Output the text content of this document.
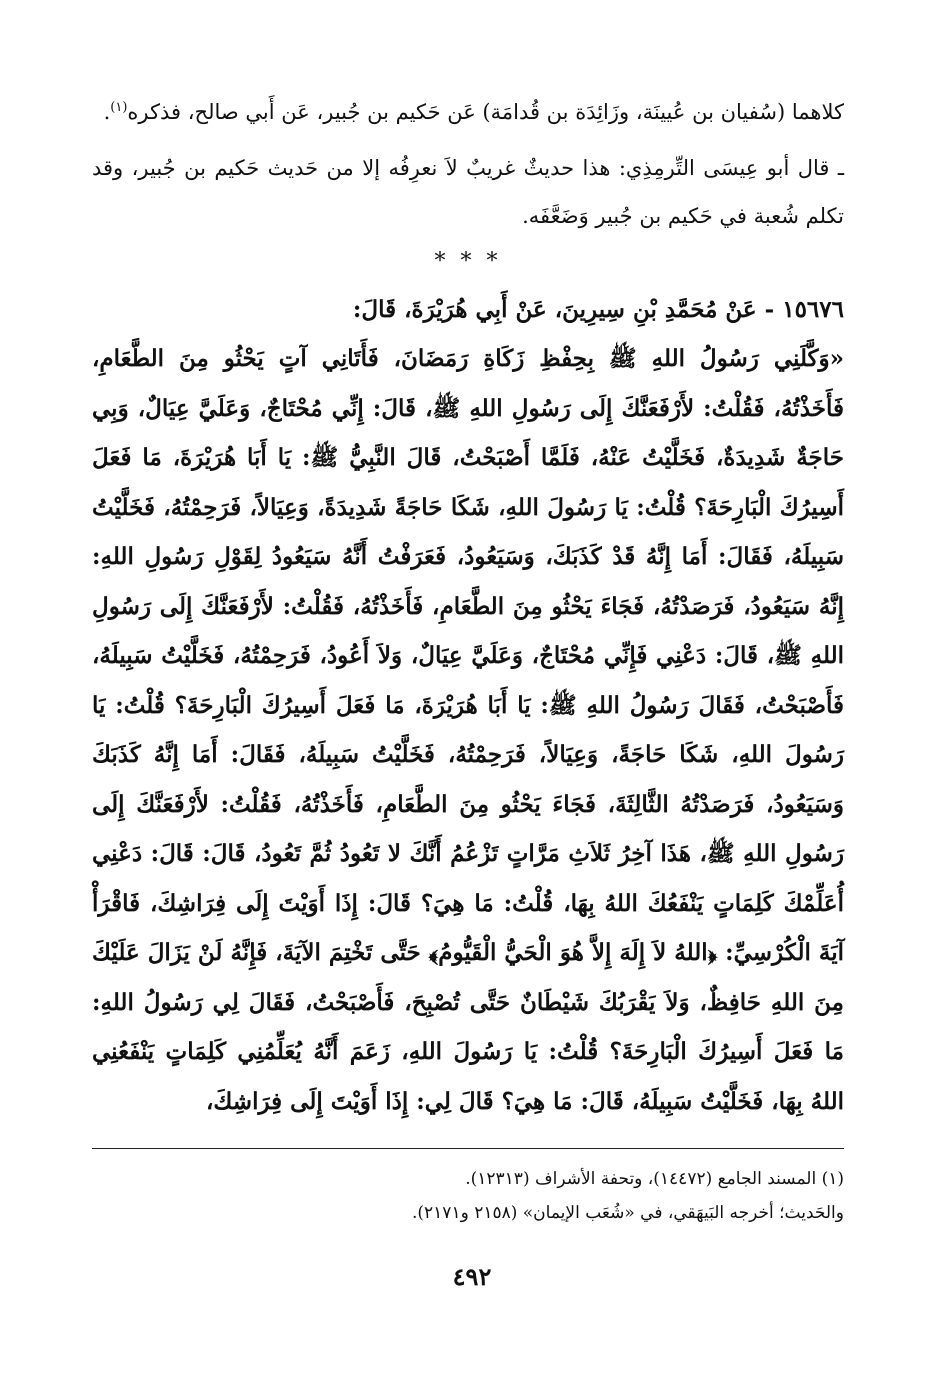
كلاهما (سُفيان بن عُيينَة، وزَائِدَة بن قُدامَة) عَن حَكيم بن جُبير، عَن أَبي صالح، فذكره$^{(١)}$.

ـ قال أبو عِيسَى التِّرمِذِي: هذا حديثٌ غريبٌ لاَ نعرِفُه إلا من حَديث حَكيم بن جُبير، وقد تكلم شُعبة في حَكيم بن جُبير وَضَعَّفَه.

* * *

١٥٦٧٦ - عَنْ مُحَمَّدِ بْنِ سِيرِينَ، عَنْ أَبِي هُرَيْرَةَ، قَالَ:

«وَكَّلَنِي رَسُولُ اللهِ ﷺ بِحِفْظِ زَكَاةِ رَمَضَانَ، فَأَتَانِي آتٍ يَحْثُو مِنَ الطَّعَامِ، فَأَخَذْتُهُ، فَقُلْتُ: لأَرْفَعَنَّكَ إِلَى رَسُولِ اللهِ ﷺ، قَالَ: إِنِّي مُحْتَاجٌ، وَعَلَيَّ عِيَالٌ، وَبِي حَاجَةٌ شَدِيدَةٌ، فَخَلَّيْتُ عَنْهُ، فَلَمَّا أَصْبَحْتُ، قَالَ النَّبِيُّ ﷺ: يَا أَبَا هُرَيْرَةَ، مَا فَعَلَ أَسِيرُكَ الْبَارِحَةَ؟ قُلْتُ: يَا رَسُولَ اللهِ، شَكَا حَاجَةً شَدِيدَةً، وَعِيَالاً، فَرَحِمْتُهُ، فَخَلَّيْتُ سَبِيلَهُ، فَقَالَ: أَمَا إِنَّهُ قَدْ كَذَبَكَ، وَسَيَعُودُ، فَعَرَفْتُ أَنَّهُ سَيَعُودُ لِقَوْلِ رَسُولِ اللهِ: إِنَّهُ سَيَعُودُ، فَرَصَدْتُهُ، فَجَاءَ يَحْثُو مِنَ الطَّعَامِ، فَأَخَذْتُهُ، فَقُلْتُ: لأَرْفَعَنَّكَ إِلَى رَسُولِ اللهِ ﷺ، قَالَ: دَعْنِي فَإِنِّي مُحْتَاجٌ، وَعَلَيَّ عِيَالٌ، وَلاَ أَعُودُ، فَرَحِمْتُهُ، فَخَلَّيْتُ سَبِيلَهُ، فَأَصْبَحْتُ، فَقَالَ رَسُولُ اللهِ ﷺ: يَا أَبَا هُرَيْرَةَ، مَا فَعَلَ أَسِيرُكَ الْبَارِحَةَ؟ قُلْتُ: يَا رَسُولَ اللهِ، شَكَا حَاجَةً، وَعِيَالاً، فَرَحِمْتُهُ، فَخَلَّيْتُ سَبِيلَهُ، فَقَالَ: أَمَا إِنَّهُ كَذَبَكَ وَسَيَعُودُ، فَرَصَدْتُهُ الثَّالِثَةَ، فَجَاءَ يَحْثُو مِنَ الطَّعَامِ، فَأَخَذْتُهُ، فَقُلْتُ: لأَرْفَعَنَّكَ إِلَى رَسُولِ اللهِ ﷺ، هَذَا آخِرُ ثَلاَثِ مَرَّاتٍ تَزْعُمُ أَنَّكَ لا تَعُودُ ثُمَّ تَعُودُ، قَالَ: قَالَ: دَعْنِي أُعَلِّمْكَ كَلِمَاتٍ يَنْفَعُكَ اللهُ بِهَا، قُلْتُ: مَا هِيَ؟ قَالَ: إِذَا أَوَيْتَ إِلَى فِرَاشِكَ، فَاقْرَأْ آيَةَ الْكُرْسِيِّ: ﴿اللهُ لاَ إِلَهَ إِلاَّ هُوَ الْحَيُّ الْقَيُّومُ﴾ حَتَّى تَخْتِمَ الآيَةَ، فَإِنَّهُ لَنْ يَزَالَ عَلَيْكَ مِنَ اللهِ حَافِظٌ، وَلاَ يَقْرَبُكَ شَيْطَانٌ حَتَّى تُصْبِحَ، فَأَصْبَحْتُ، فَقَالَ لِي رَسُولُ اللهِ: مَا فَعَلَ أَسِيرُكَ الْبَارِحَةَ؟ قُلْتُ: يَا رَسُولَ اللهِ، زَعَمَ أَنَّهُ يُعَلِّمُنِي كَلِمَاتٍ يَنْفَعُنِي اللهُ بِهَا، فَخَلَّيْتُ سَبِيلَهُ، قَالَ: مَا هِيَ؟ قَالَ لِي: إِذَا أَوَيْتَ إِلَى فِرَاشِكَ،

(١) المسند الجامع (١٤٤٧٢)، وتحفة الأشراف (١٢٣١٣).

والحَديث؛ أخرجه البَيهَقي، في «شُعَب الإيمان» (٢١٥٨ و٢١٧١).

٤٩٢
